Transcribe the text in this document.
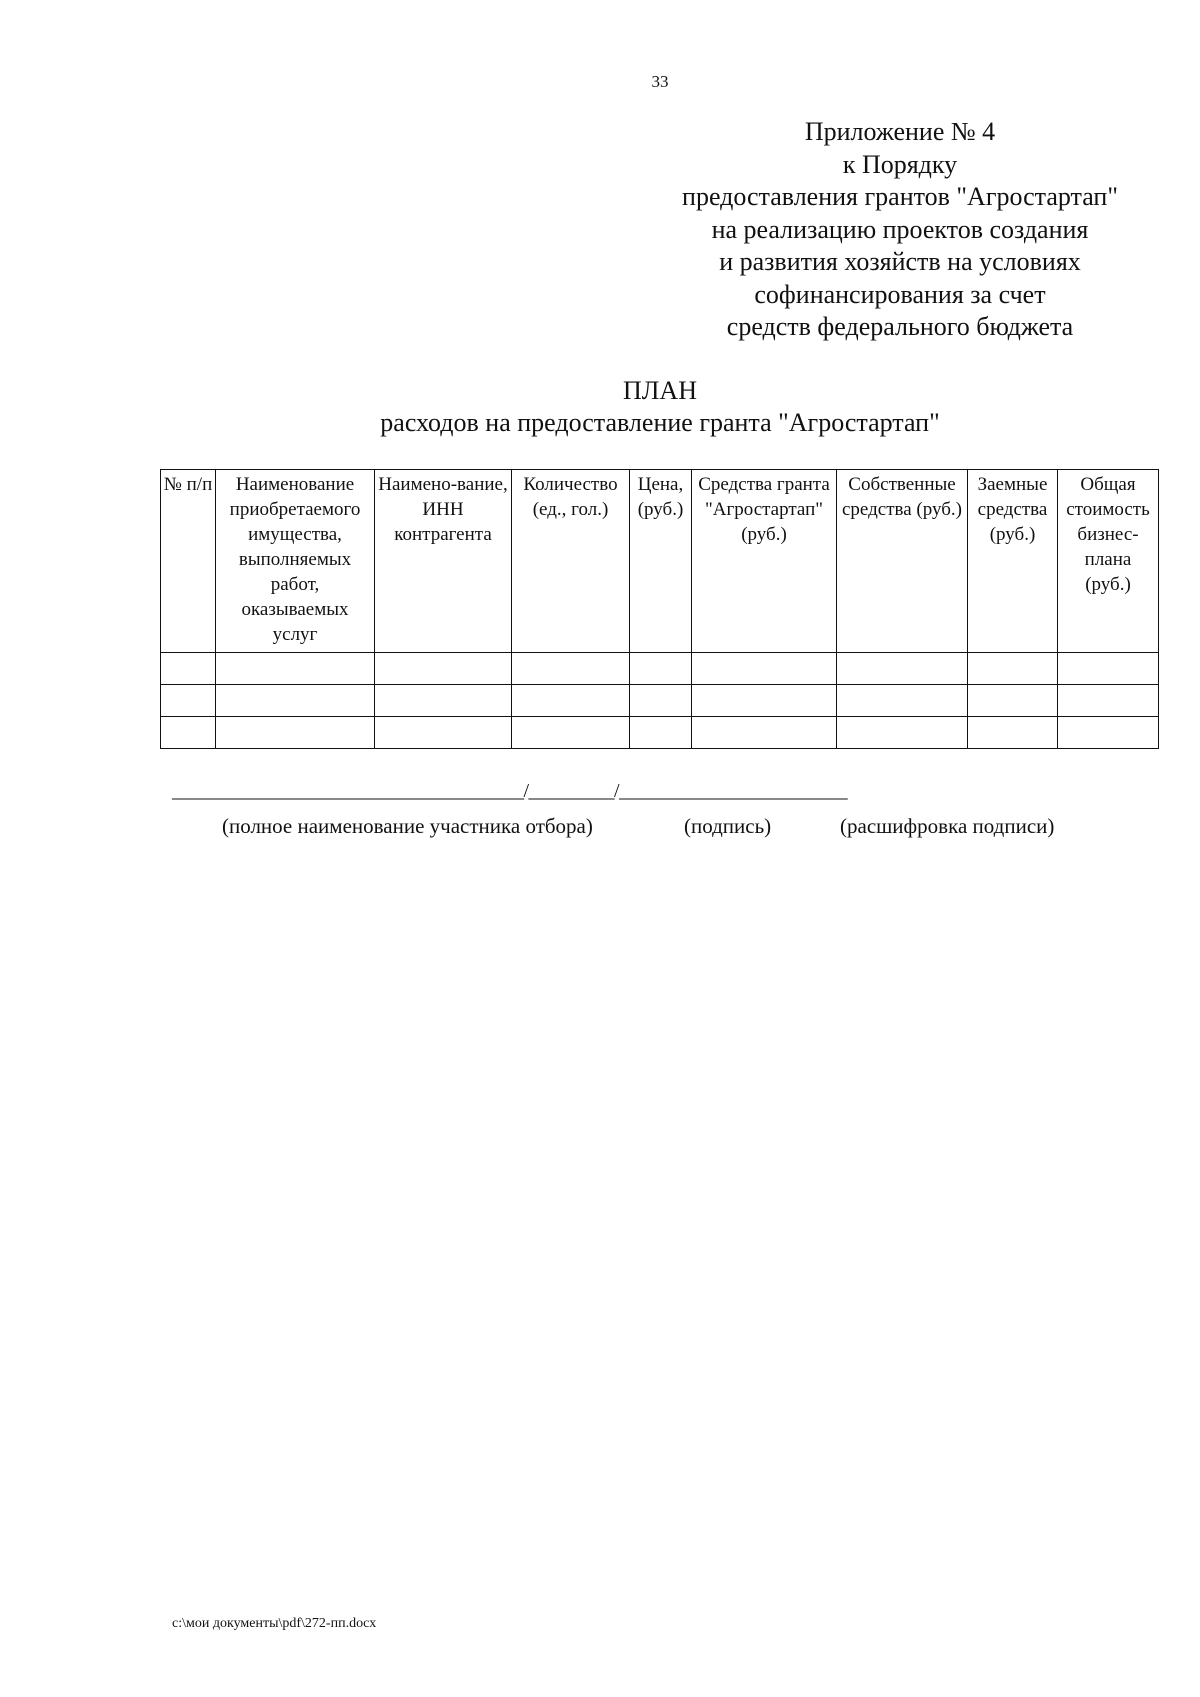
33
Приложение № 4
к Порядку
предоставления грантов "Агростартап"
на реализацию проектов создания
и развития хозяйств на условиях
софинансирования за счет
средств федерального бюджета
ПЛАН
расходов на предоставление гранта "Агростартап"
№ п/п	Наименование приобретаемого имущества, выполняемых работ, оказываемых услуг	Наимено-вание, ИНН контрагента	Количество (ед., гол.)	Цена, (руб.)	Средства гранта "Агростартап" (руб.)	Собственные средства (руб.)	Заемные средства (руб.)	Общая стоимость бизнес-плана (руб.)

_____________________________________/_________/________________________
(полное наименование участника отбора)	(подпись)	(расшифровка подписи)
c:\мои документы\pdf\272-пп.docx
